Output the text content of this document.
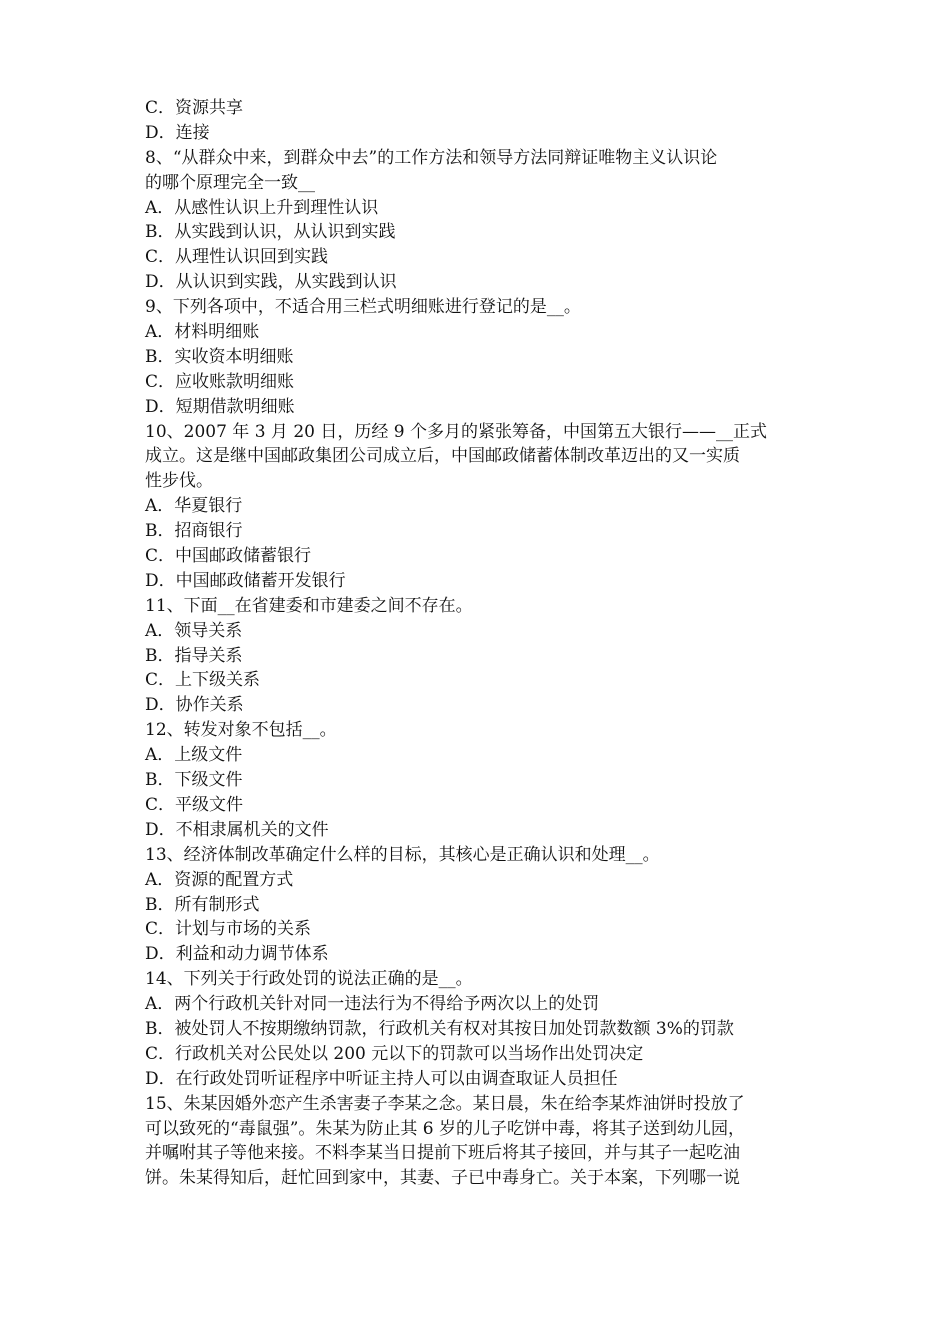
C．资源共享
D．连接
8、“从群众中来，到群众中去”的工作方法和领导方法同辩证唯物主义认识论
的哪个原理完全一致__
A．从感性认识上升到理性认识
B．从实践到认识，从认识到实践
C．从理性认识回到实践
D．从认识到实践，从实践到认识
9、下列各项中，不适合用三栏式明细账进行登记的是__。
A．材料明细账
B．实收资本明细账
C．应收账款明细账
D．短期借款明细账
10、2007 年 3 月 20 日，历经 9 个多月的紧张筹备，中国第五大银行——__正式
成立。这是继中国邮政集团公司成立后，中国邮政储蓄体制改革迈出的又一实质
性步伐。
A．华夏银行
B．招商银行
C．中国邮政储蓄银行
D．中国邮政储蓄开发银行
11、下面__在省建委和市建委之间不存在。
A．领导关系
B．指导关系
C．上下级关系
D．协作关系
12、转发对象不包括__。
A．上级文件
B．下级文件
C．平级文件
D．不相隶属机关的文件
13、经济体制改革确定什么样的目标，其核心是正确认识和处理__。
A．资源的配置方式
B．所有制形式
C．计划与市场的关系
D．利益和动力调节体系
14、下列关于行政处罚的说法正确的是__。
A．两个行政机关针对同一违法行为不得给予两次以上的处罚
B．被处罚人不按期缴纳罚款，行政机关有权对其按日加处罚款数额 3%的罚款
C．行政机关对公民处以 200 元以下的罚款可以当场作出处罚决定
D．在行政处罚听证程序中听证主持人可以由调查取证人员担任
15、朱某因婚外恋产生杀害妻子李某之念。某日晨，朱在给李某炸油饼时投放了
可以致死的“毒鼠强”。朱某为防止其 6 岁的儿子吃饼中毒，将其子送到幼儿园，
并嘱咐其子等他来接。不料李某当日提前下班后将其子接回，并与其子一起吃油
饼。朱某得知后，赶忙回到家中，其妻、子已中毒身亡。关于本案，下列哪一说
